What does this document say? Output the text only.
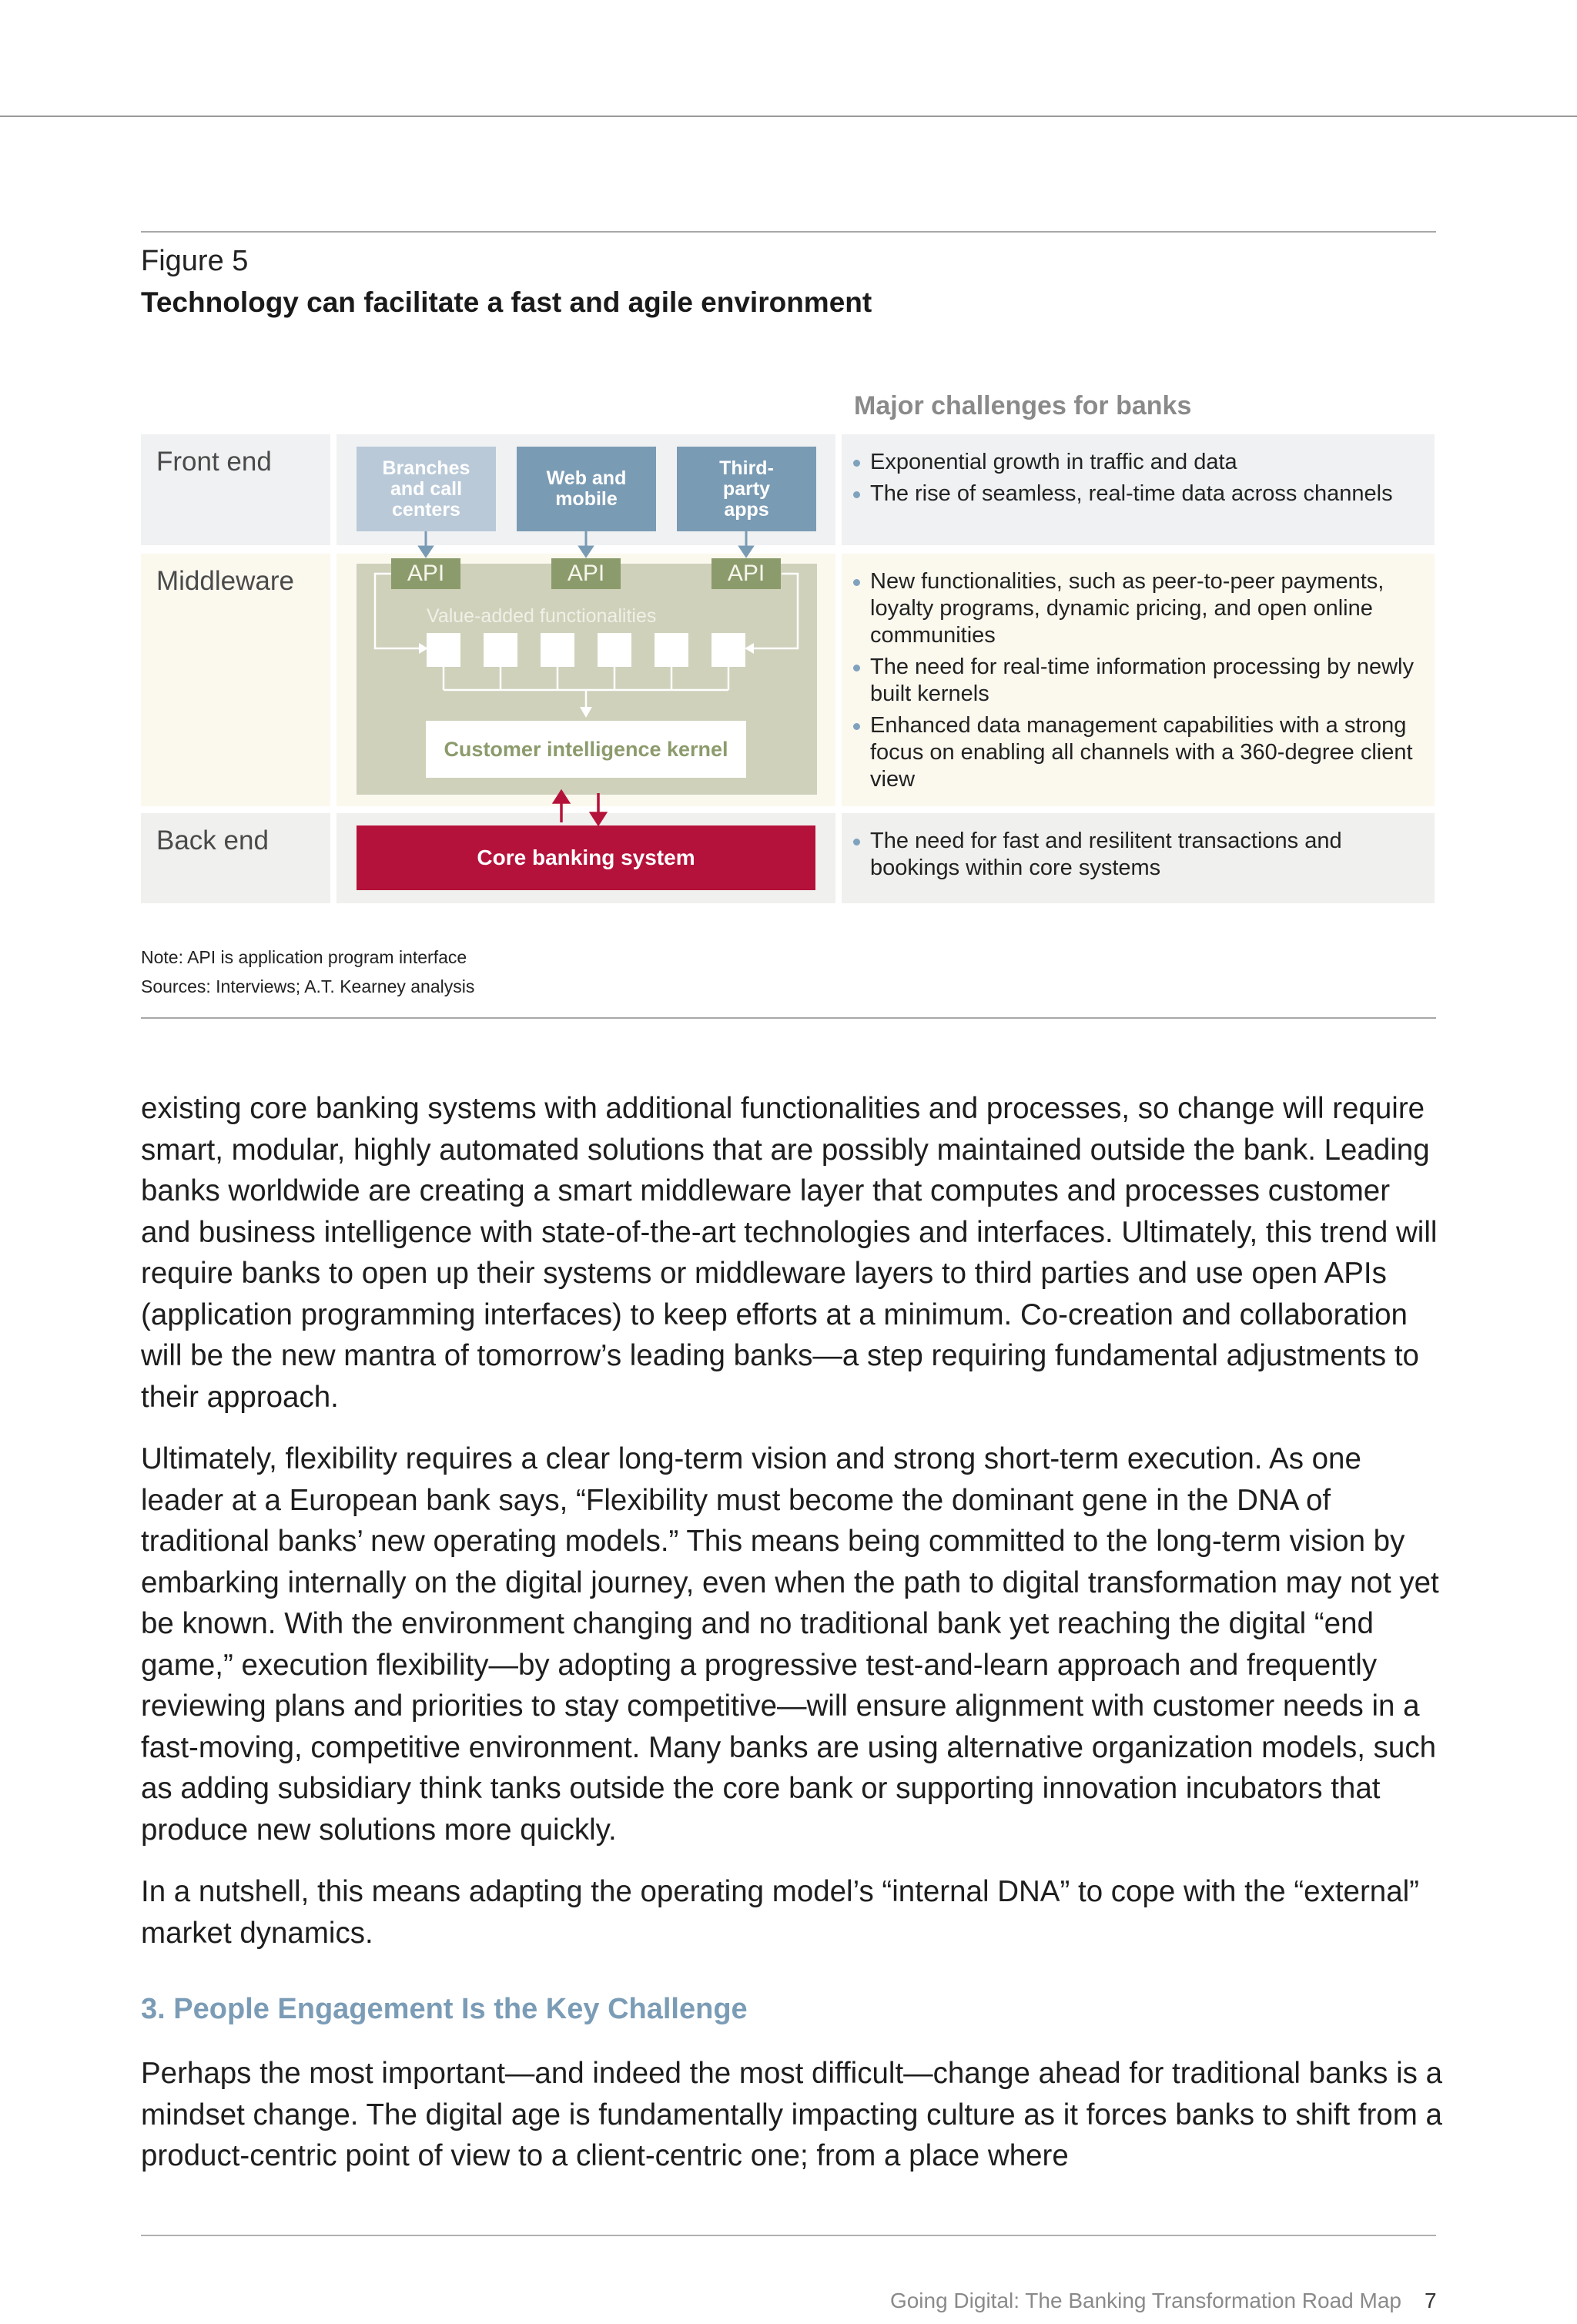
Figure 5
Technology can facilitate a fast and agile environment
Major challenges for banks
Front end
Middleware
Back end
Branches and call centers
Web and mobile
Third-party apps
API	API	API
Value-added functionalities
Customer intelligence kernel
Core banking system
Exponential growth in traffic and data
The rise of seamless, real-time data across channels
New functionalities, such as peer-to-peer payments, loyalty programs, dynamic pricing, and open online communities
The need for real-time information processing by newly built kernels
Enhanced data management capabilities with a strong focus on enabling all channels with a 360-degree client view
The need for fast and resilitent transactions and bookings within core systems
Note: API is application program interface
Sources: Interviews; A.T. Kearney analysis

existing core banking systems with additional functionalities and processes, so change will require smart, modular, highly automated solutions that are possibly maintained outside the bank. Leading banks worldwide are creating a smart middleware layer that computes and processes customer and business intelligence with state-of-the-art technologies and interfaces. Ultimately, this trend will require banks to open up their systems or middleware layers to third parties and use open APIs (application programming interfaces) to keep efforts at a minimum. Co-creation and collaboration will be the new mantra of tomorrow’s leading banks—a step requiring fundamental adjustments to their approach.

Ultimately, flexibility requires a clear long-term vision and strong short-term execution. As one leader at a European bank says, “Flexibility must become the dominant gene in the DNA of traditional banks’ new operating models.” This means being committed to the long-term vision by embarking internally on the digital journey, even when the path to digital transformation may not yet be known. With the environment changing and no traditional bank yet reaching the digital “end game,” execution flexibility—by adopting a progressive test-and-learn approach and frequently reviewing plans and priorities to stay competitive—will ensure alignment with customer needs in a fast-moving, competitive environment. Many banks are using alternative organization models, such as adding subsidiary think tanks outside the core bank or supporting innovation incubators that produce new solutions more quickly.

In a nutshell, this means adapting the operating model’s “internal DNA” to cope with the “external” market dynamics.

3. People Engagement Is the Key Challenge

Perhaps the most important—and indeed the most difficult—change ahead for traditional banks is a mindset change. The digital age is fundamentally impacting culture as it forces banks to shift from a product-centric point of view to a client-centric one; from a place where

Going Digital: The Banking Transformation Road Map 7
